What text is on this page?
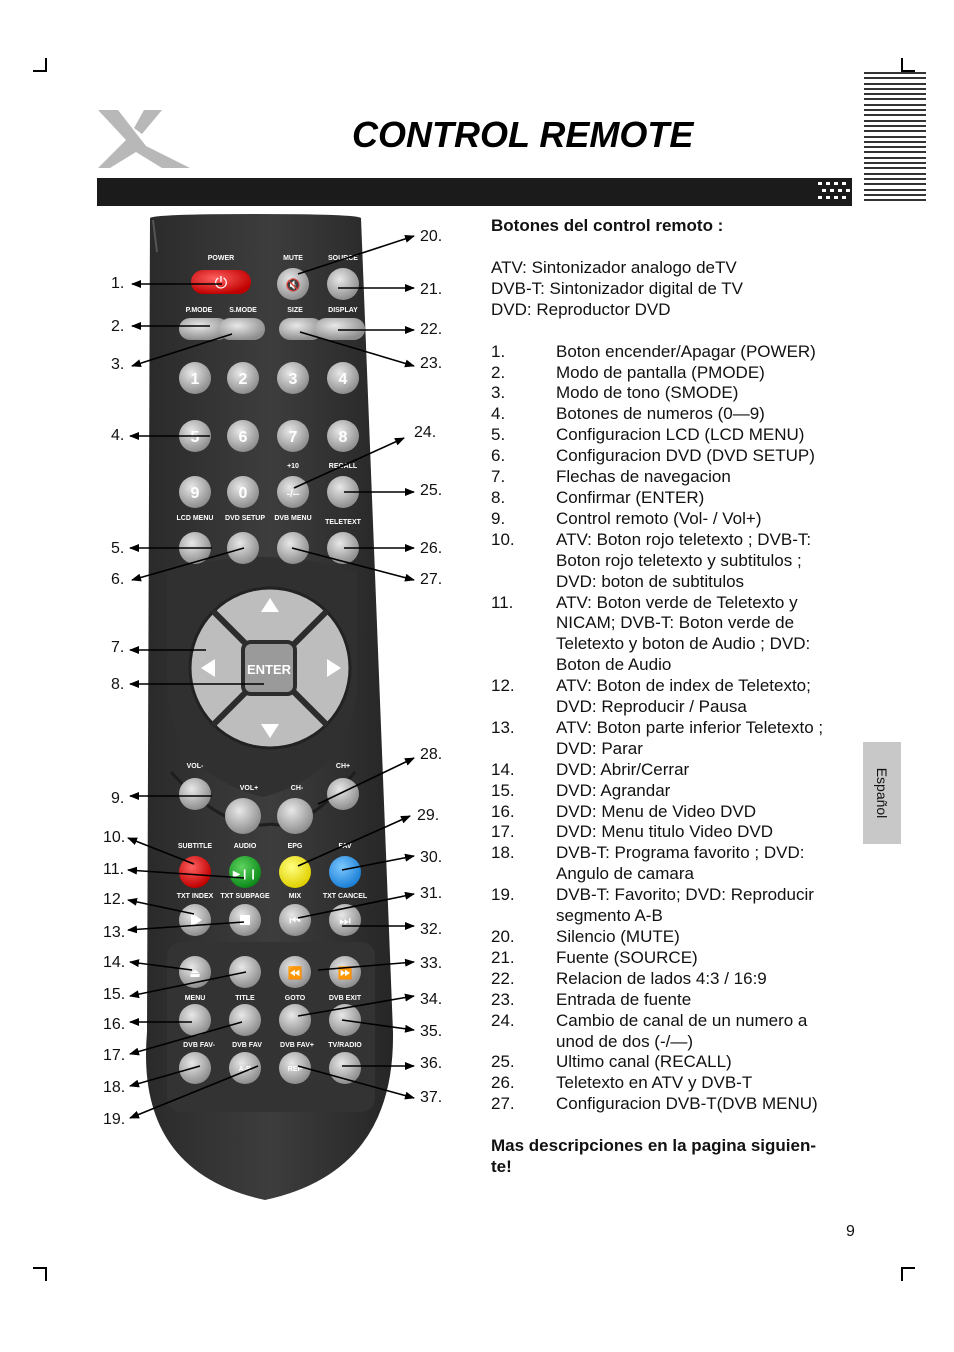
CONTROL REMOTE
Español
POWER	MUTE	SOURCE
P.MODE S.MODE	SIZE	DISPLAY
+10	RECALL
LCD MENU DVD SETUP DVB MENU
TELETEXT
VOL-
VOL+	CH-
CH+
SUBTITLE	AUDIO	EPG	FAV
TXT INDEX TXT SUBPAGE	MIX	TXT CANCEL
MENU	TITLE	GOTO	DVB EXIT
DVB FAV- DVB FAV	DVB FAV+ TV/RADIO
⏻	🔇
1 2	3	4
5 6	7	8
9 0	-/--
ENTER
▶❙❙
⏮	⏭
⏏	⏪	⏩
A-B	REP
1.
2.
3.
4.
5.
6.
7.
8.
9.
10.
11.
12.
13.
14.
15.
16.
17.
18.
19.
20.
21.
22.
23.
24.
25.
26.
27.
28.
29.
30.
31.
32.
33.
34.
35.
36.
37.
Botones del control remoto :
ATV: Sintonizador analogo deTV
DVB-T: Sintonizador digital de TV
DVD: Reproductor DVD
1.	Boton encender/Apagar (POWER)
2.	Modo de pantalla (PMODE)
3.	Modo de tono (SMODE)
4.	Botones de numeros (0—9)
5.	Configuracion LCD (LCD MENU)
6.	Configuracion DVD (DVD SETUP)
7.	Flechas de navegacion
8.	Confirmar (ENTER)
9.	Control remoto (Vol- / Vol+)
10.	ATV: Boton rojo teletexto ; DVB-T:
Boton rojo teletexto y subtitulos ;
DVD: boton de subtitulos
11.	ATV: Boton verde de Teletexto y
NICAM; DVB-T: Boton verde de
Teletexto y boton de Audio ; DVD:
Boton de Audio
12.	ATV: Boton de index de Teletexto;
DVD: Reproducir / Pausa
13.	ATV: Boton parte inferior Teletexto ;
DVD: Parar
14.	DVD: Abrir/Cerrar
15.	DVD: Agrandar
16.	DVD: Menu de Video DVD
17.	DVD: Menu titulo Video DVD
18.	DVB-T: Programa favorito ; DVD:
Angulo de camara
19.	DVB-T: Favorito; DVD: Reproducir
segmento A-B
20.	Silencio (MUTE)
21.	Fuente (SOURCE)
22.	Relacion de lados 4:3 / 16:9
23.	Entrada de fuente
24.	Cambio de canal de un numero a
unod de dos (-/—)
25.	Ultimo canal (RECALL)
26.	Teletexto en ATV y DVB-T
27.	Configuracion DVB-T(DVB MENU)
Mas descripciones en la pagina siguien-
te!
9
